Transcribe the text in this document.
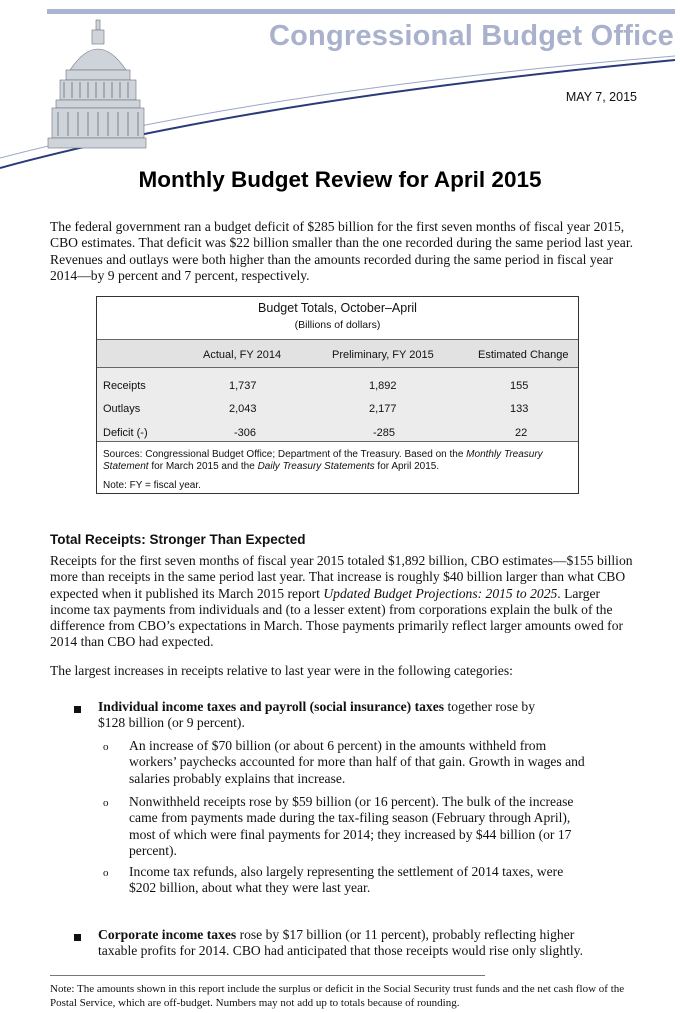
Congressional Budget Office
MAY 7, 2015
Monthly Budget Review for April 2015

The federal government ran a budget deficit of $285 billion for the first seven months of fiscal year 2015, CBO estimates. That deficit was $22 billion smaller than the one recorded during the same period last year. Revenues and outlays were both higher than the amounts recorded during the same period in fiscal year 2014—by 9 percent and 7 percent, respectively.

Budget Totals, October–April
(Billions of dollars)
Actual, FY 2014	Preliminary, FY 2015	Estimated Change
Receipts	1,737	1,892	155
Outlays	2,043	2,177	133
Deficit (-)	-306	-285	22
Sources: Congressional Budget Office; Department of the Treasury. Based on the Monthly Treasury Statement for March 2015 and the Daily Treasury Statements for April 2015.
Note: FY = fiscal year.
Total Receipts: Stronger Than Expected

Receipts for the first seven months of fiscal year 2015 totaled $1,892 billion, CBO estimates—$155 billion more than receipts in the same period last year. That increase is roughly $40 billion larger than what CBO expected when it published its March 2015 report Updated Budget Projections: 2015 to 2025. Larger income tax payments from individuals and (to a lesser extent) from corporations explain the bulk of the difference from CBO’s expectations in March. Those payments primarily reflect larger amounts owed for 2014 than CBO had expected.

The largest increases in receipts relative to last year were in the following categories:

Individual income taxes and payroll (social insurance) taxes together rose by $128 billion (or 9 percent).
o An increase of $70 billion (or about 6 percent) in the amounts withheld from workers’ paychecks accounted for more than half of that gain. Growth in wages and salaries probably explains that increase.
o Nonwithheld receipts rose by $59 billion (or 16 percent). The bulk of the increase came from payments made during the tax-filing season (February through April), most of which were final payments for 2014; they increased by $44 billion (or 17 percent).
o Income tax refunds, also largely representing the settlement of 2014 taxes, were $202 billion, about what they were last year.
Corporate income taxes rose by $17 billion (or 11 percent), probably reflecting higher taxable profits for 2014. CBO had anticipated that those receipts would rise only slightly.

Note: The amounts shown in this report include the surplus or deficit in the Social Security trust funds and the net cash flow of the Postal Service, which are off-budget. Numbers may not add up to totals because of rounding.
